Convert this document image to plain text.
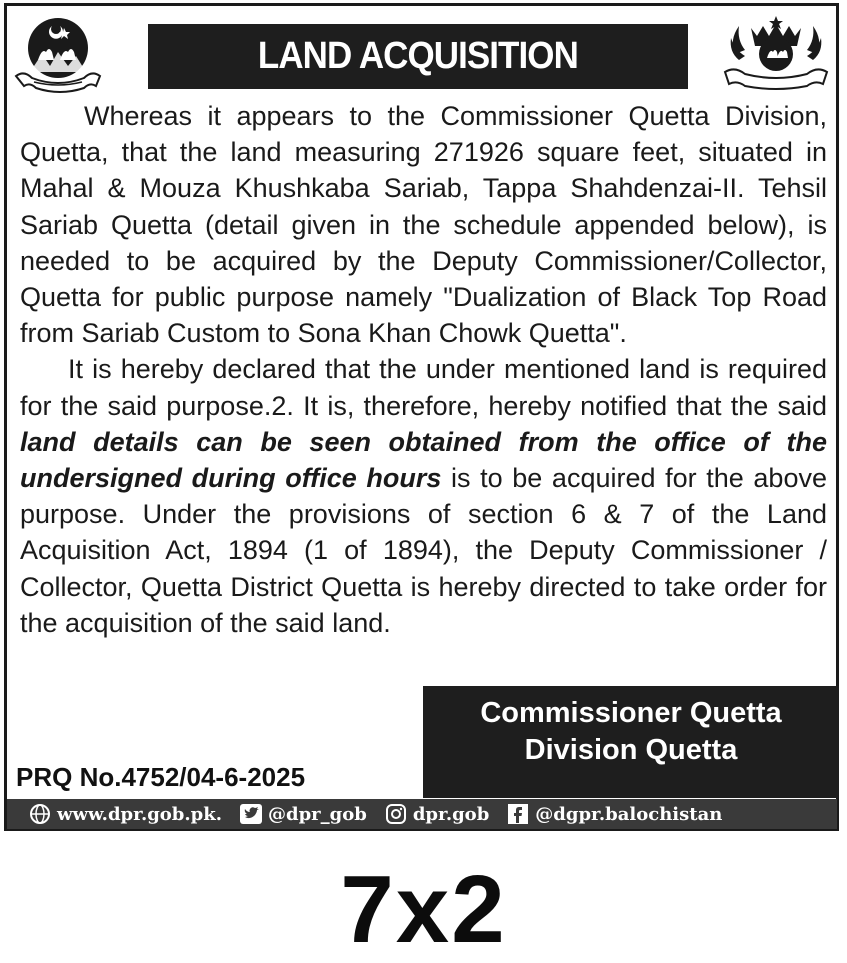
LAND ACQUISITION

Whereas it appears to the Commissioner Quetta Division, Quetta, that the land measuring 271926 square feet, situated in Mahal & Mouza Khushkaba Sariab, Tappa Shahdenzai-II. Tehsil Sariab Quetta (detail given in the schedule appended below), is needed to be acquired by the Deputy Commissioner/Collector, Quetta for public purpose namely "Dualization of Black Top Road from Sariab Custom to Sona Khan Chowk Quetta".

It is hereby declared that the under mentioned land is required for the said purpose.2. It is, therefore, hereby notified that the said land details can be seen obtained from the office of the undersigned during office hours is to be acquired for the above purpose. Under the provisions of section 6 & 7 of the Land Acquisition Act, 1894 (1 of 1894), the Deputy Commissioner / Collector, Quetta District Quetta is hereby directed to take order for the acquisition of the said land.

Commissioner Quetta
Division Quetta
PRQ No.4752/04-6-2025
www.dpr.gob.pk.	@dpr_gob	dpr.gob	@dgpr.balochistan
7x2
